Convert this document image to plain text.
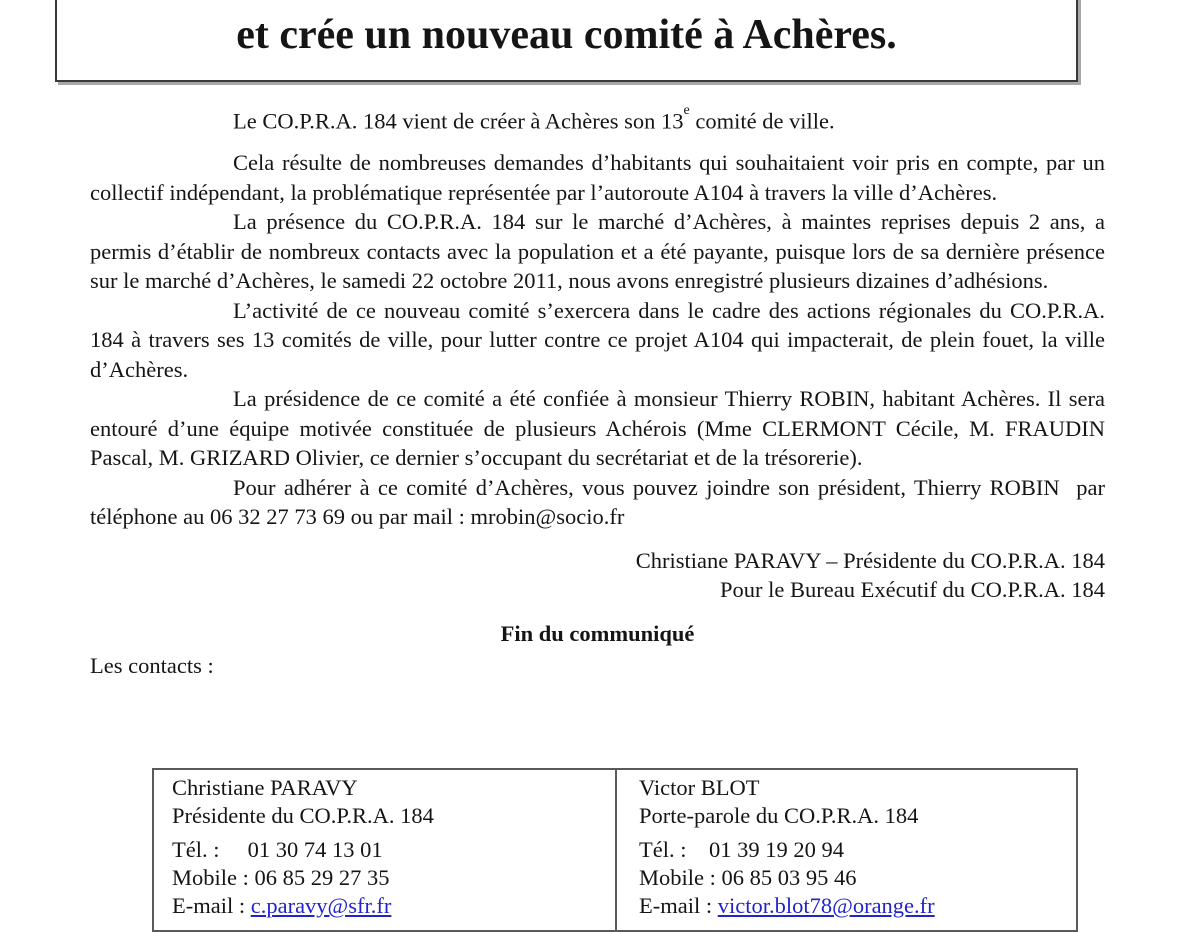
et crée un nouveau comité à Achères.

Le CO.P.R.A. 184 vient de créer à Achères son 13e comité de ville.

Cela résulte de nombreuses demandes d’habitants qui souhaitaient voir pris en compte, par un collectif indépendant, la problématique représentée par l’autoroute A104 à travers la ville d’Achères.

La présence du CO.P.R.A. 184 sur le marché d’Achères, à maintes reprises depuis 2 ans, a permis d’établir de nombreux contacts avec la population et a été payante, puisque lors de sa dernière présence sur le marché d’Achères, le samedi 22 octobre 2011, nous avons enregistré plusieurs dizaines d’adhésions.

L’activité de ce nouveau comité s’exercera dans le cadre des actions régionales du CO.P.R.A. 184 à travers ses 13 comités de ville, pour lutter contre ce projet A104 qui impacterait, de plein fouet, la ville d’Achères.

La présidence de ce comité a été confiée à monsieur Thierry ROBIN, habitant Achères. Il sera entouré d’une équipe motivée constituée de plusieurs Achérois (Mme CLERMONT Cécile, M. FRAUDIN Pascal, M. GRIZARD Olivier, ce dernier s’occupant du secrétariat et de la trésorerie).

Pour adhérer à ce comité d’Achères, vous pouvez joindre son président, Thierry ROBIN  par téléphone au 06 32 27 73 69 ou par mail : mrobin@socio.fr

Christiane PARAVY – Présidente du CO.P.R.A. 184
Pour le Bureau Exécutif du CO.P.R.A. 184
Fin du communiqué
Les contacts :
Christiane PARAVY
Présidente du CO.P.R.A. 184
Tél. :     01 30 74 13 01
Mobile : 06 85 29 27 35
E-mail : c.paravy@sfr.fr
Victor BLOT
Porte-parole du CO.P.R.A. 184
Tél. :    01 39 19 20 94
Mobile : 06 85 03 95 46
E-mail : victor.blot78@orange.fr
